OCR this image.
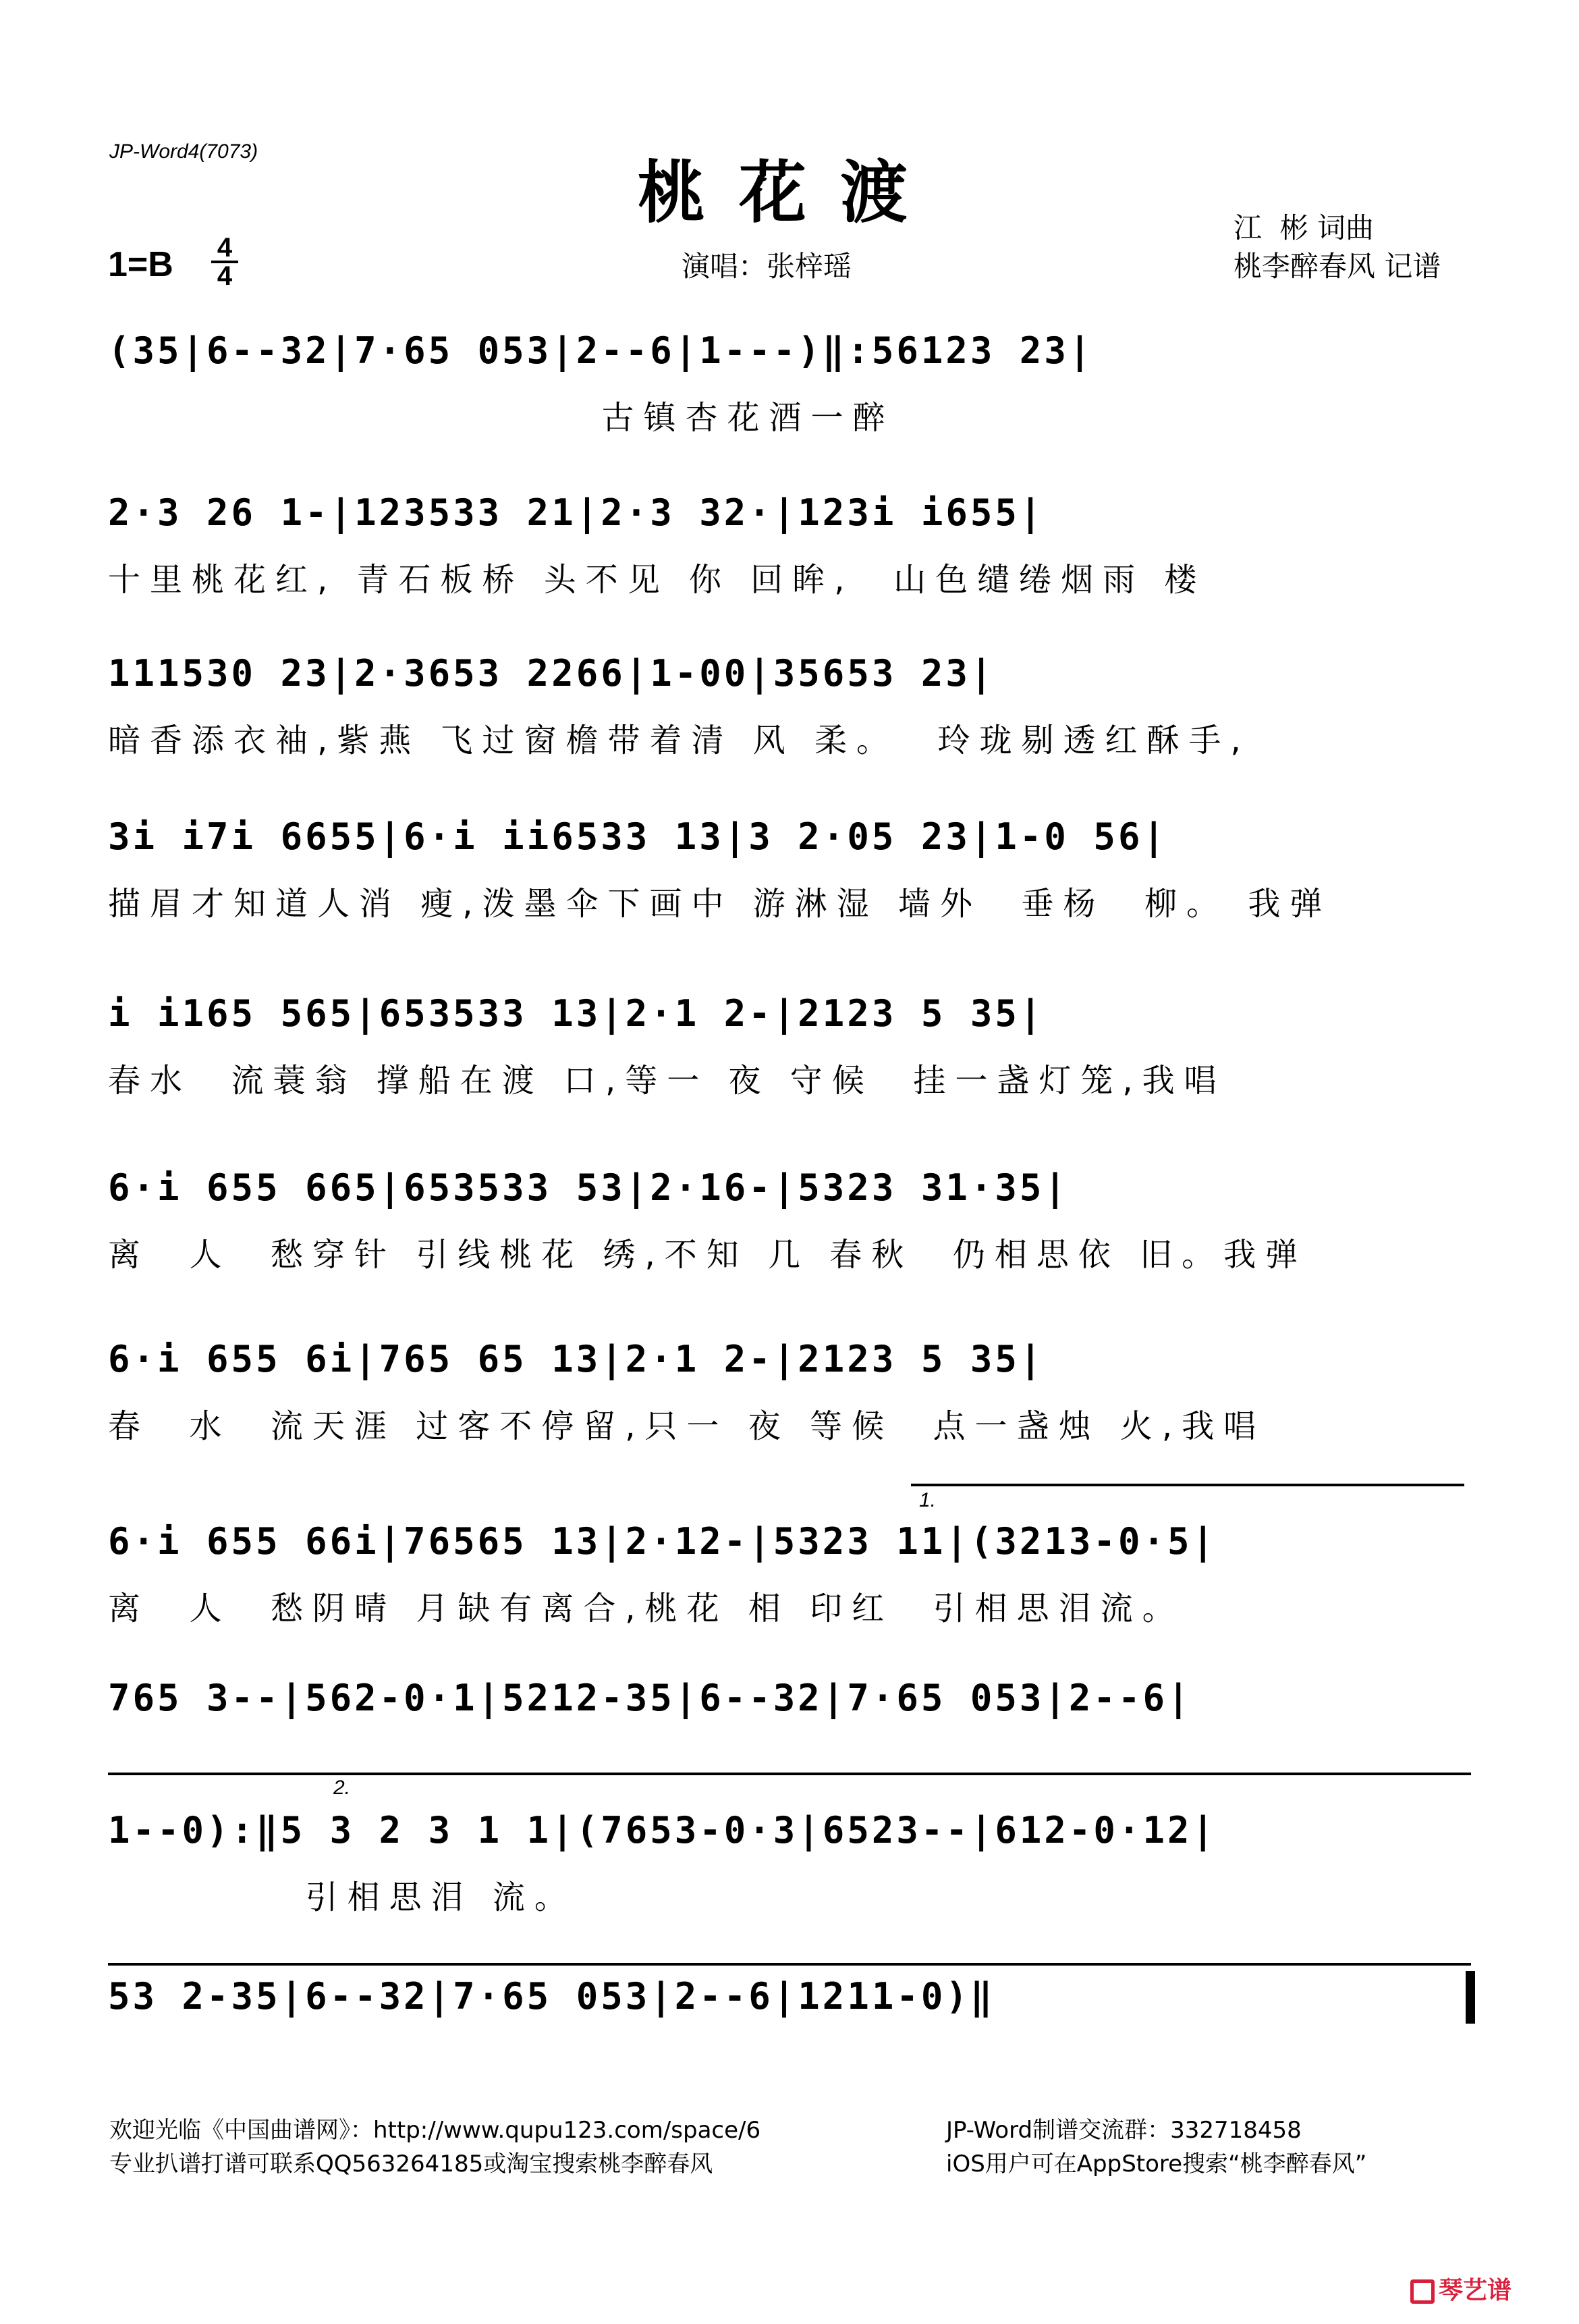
JP-Word4(7073)
桃花渡
1=B 4
4	演唱：张梓瑶
江  彬 词曲
桃李醉春风 记谱
(35|6--32|7·65 053|2--6|1---)‖:56123 23|
古镇杏花酒一醉
2·3 26 1-|123533 21|2·3 32·|123i i655|
十里桃花红, 青石板桥 头不见 你 回眸,  山色缱绻烟雨 楼
111530 23|2·3653 2266|1-00|35653 23|
暗香添衣袖,紫燕 飞过窗檐带着清 风 柔。  玲珑剔透红酥手,
3i i7i 6655|6·i ii6533 13|3 2·05 23|1-0 56|
描眉才知道人消 瘦,泼墨伞下画中 游淋湿 墙外  垂杨  柳。 我弹
i i165 565|653533 13|2·1 2-|2123 5 35|
春水  流蓑翁 撑船在渡 口,等一 夜 守候  挂一盏灯笼,我唱
6·i 655 665|653533 53|2·16-|5323 31·35|
离  人  愁穿针 引线桃花 绣,不知 几 春秋  仍相思依 旧。我弹
6·i 655 6i|765 65 13|2·1 2-|2123 5 35|
春  水  流天涯 过客不停留,只一 夜 等候  点一盏烛 火,我唱
1.
6·i 655 66i|76565 13|2·12-|5323 11|(3213-0·5|
离  人  愁阴晴 月缺有离合,桃花 相 印红  引相思泪流。
765 3--|562-0·1|5212-35|6--32|7·65 053|2--6|
2.
1--0):‖5 3 2 3 1 1|(7653-0·3|6523--|612-0·12|
引相思泪 流。
53 2-35|6--32|7·65 053|2--6|1211-0)‖
欢迎光临《中国曲谱网》：http://www.qupu123.com/space/6
专业扒谱打谱可联系QQ563264185或淘宝搜索桃李醉春风
JP-Word制谱交流群：332718458
iOS用户可在AppStore搜索“桃李醉春风”
琴艺谱
